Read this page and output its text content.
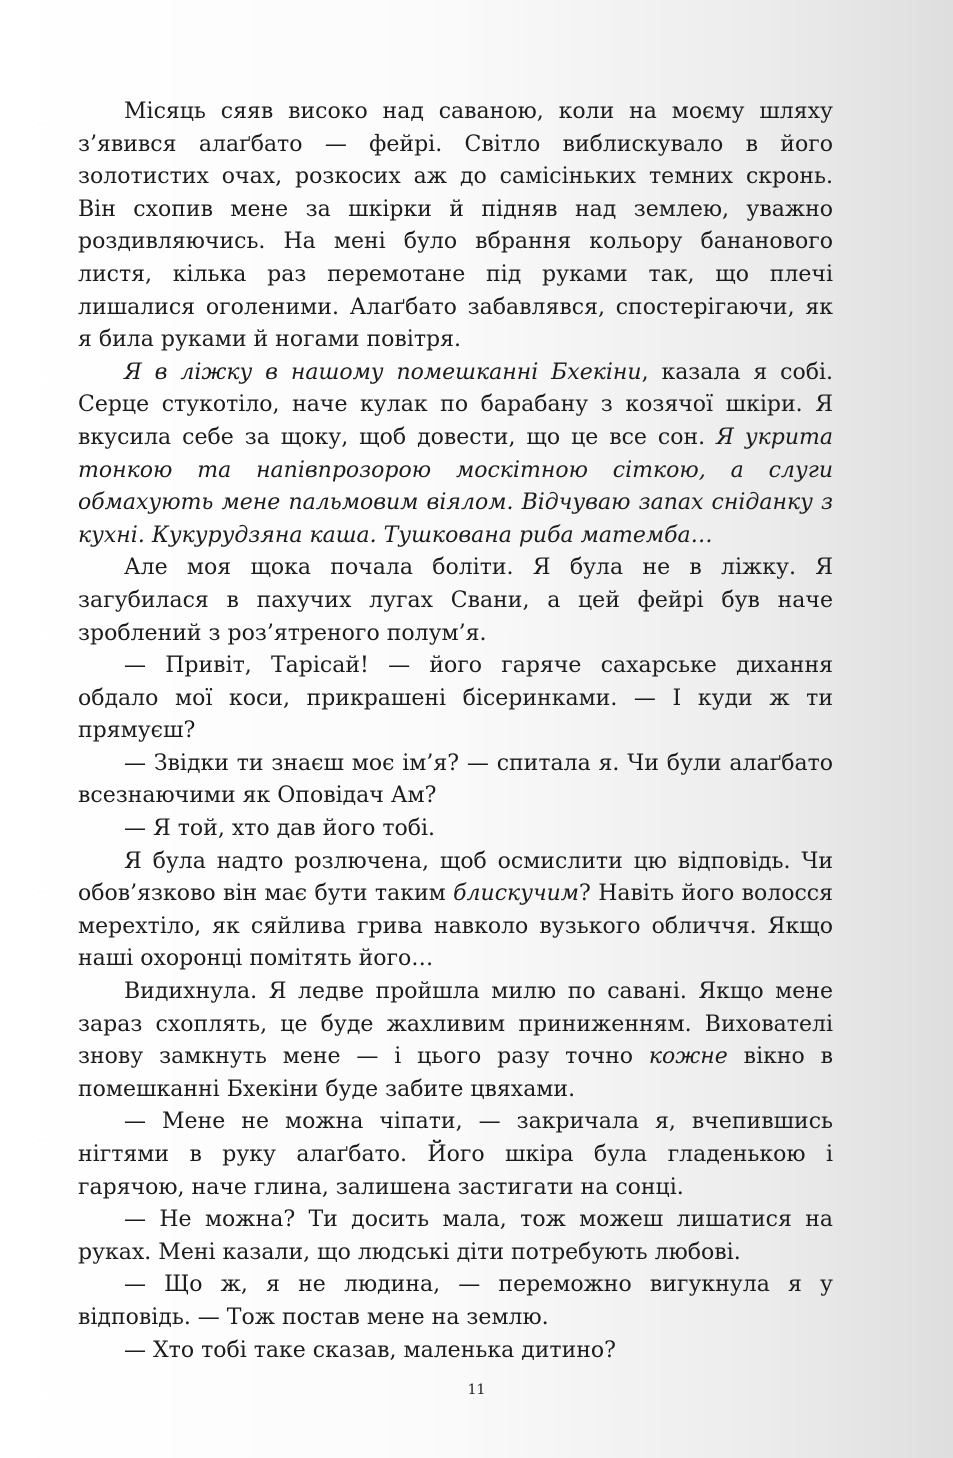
Місяць сяяв високо над саваною, коли на моєму шляху з’явився алаґбато — фейрі. Світло виблискувало в його золотистих очах, розкосих аж до самісіньких темних скронь. Він схопив мене за шкірки й підняв над землею, уважно роздивляючись. На мені було вбрання кольору бананового листя, кілька раз перемотане під руками так, що плечі лишалися оголеними. Алаґбато забавлявся, спостерігаючи, як я била руками й ногами повітря.

Я в ліжку в нашому помешканні Бхекіни, казала я собі. Серце стукотіло, наче кулак по барабану з козячої шкіри. Я вкусила себе за щоку, щоб довести, що це все сон. Я укрита тонкою та напівпрозорою москітною сіткою, а слуги обмахують мене пальмовим віялом. Відчуваю запах сніданку з кухні. Кукурудзяна каша. Тушкована риба матемба…

Але моя щока почала боліти. Я була не в ліжку. Я загубилася в пахучих лугах Свани, а цей фейрі був наче зроблений з роз’ятреного полум’я.

— Привіт, Тарісай! — його гаряче сахарське дихання обдало мої коси, прикрашені бісеринками. — І куди ж ти прямуєш?

— Звідки ти знаєш моє ім’я? — спитала я. Чи були алаґбато всезнаючими як Оповідач Ам?

— Я той, хто дав його тобі.

Я була надто розлючена, щоб осмислити цю відповідь. Чи обов’язково він має бути таким блискучим? Навіть його волосся мерехтіло, як сяйлива грива навколо вузького обличчя. Якщо наші охоронці помітять його…

Видихнула. Я ледве пройшла милю по савані. Якщо мене зараз схоплять, це буде жахливим приниженням. Вихователі знову замкнуть мене — і цього разу точно кожне вікно в помешканні Бхекіни буде забите цвяхами.

— Мене не можна чіпати, — закричала я, вчепившись нігтями в руку алаґбато. Його шкіра була гладенькою і гарячою, наче глина, залишена застигати на сонці.

— Не можна? Ти досить мала, тож можеш лишатися на руках. Мені казали, що людські діти потребують любові.

— Що ж, я не людина, — переможно вигукнула я у відповідь. — Тож постав мене на землю.

— Хто тобі таке сказав, маленька дитино?

11
